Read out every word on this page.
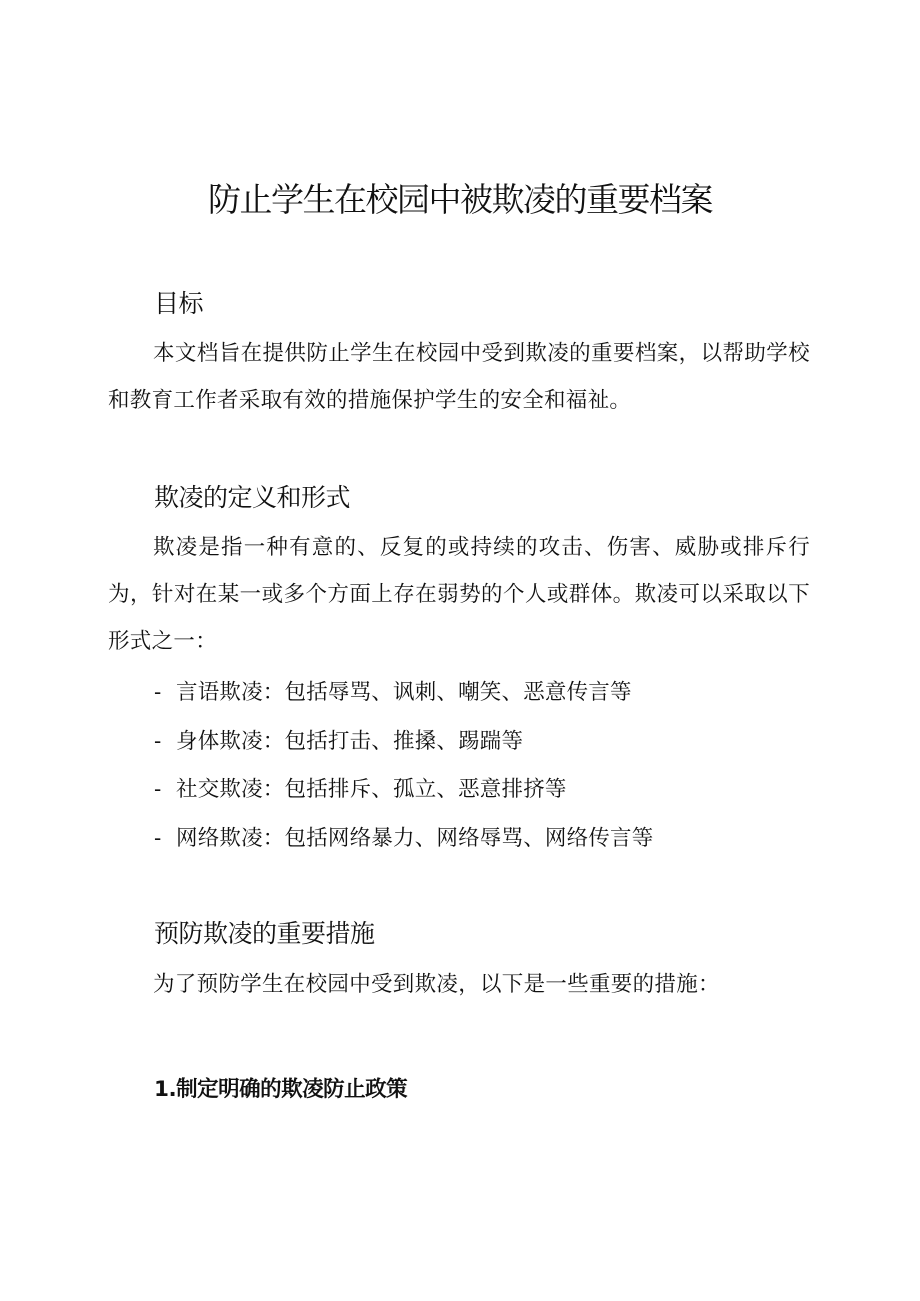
防止学生在校园中被欺凌的重要档案
目标

本文档旨在提供防止学生在校园中受到欺凌的重要档案，以帮助学校和教育工作者采取有效的措施保护学生的安全和福祉。

欺凌的定义和形式

欺凌是指一种有意的、反复的或持续的攻击、伤害、威胁或排斥行为，针对在某一或多个方面上存在弱势的个人或群体。欺凌可以采取以下形式之一：

- 言语欺凌：包括辱骂、讽刺、嘲笑、恶意传言等
- 身体欺凌：包括打击、推搡、踢踹等
- 社交欺凌：包括排斥、孤立、恶意排挤等
- 网络欺凌：包括网络暴力、网络辱骂、网络传言等
预防欺凌的重要措施

为了预防学生在校园中受到欺凌，以下是一些重要的措施：

1.制定明确的欺凌防止政策
